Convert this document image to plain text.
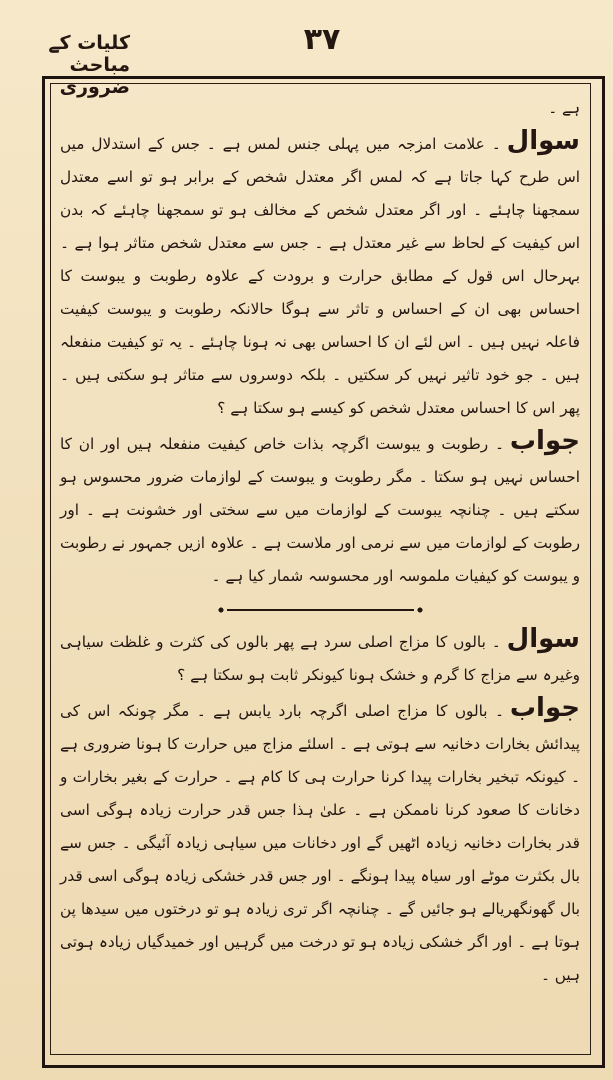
کلیات کے مباحث ضروری
۳۷

ہے ۔

سوال۔ علامت امزجہ میں پہلی جنس لمس ہے ۔ جس کے استدلال میں اس طرح کہا جاتا ہے کہ لمس اگر معتدل شخص کے برابر ہو تو اسے معتدل سمجھنا چاہئے ۔ اور اگر معتدل شخص کے مخالف ہو تو سمجھنا چاہئے کہ بدن اس کیفیت کے لحاظ سے غیر معتدل ہے ۔ جس سے معتدل شخص متاثر ہوا ہے ۔ بہرحال اس قول کے مطابق حرارت و برودت کے علاوہ رطوبت و یبوست کا احساس بھی ان کے احساس و تاثر سے ہوگا حالانکہ رطوبت و یبوست کیفیت فاعلہ نہیں ہیں ۔ اس لئے ان کا احساس بھی نہ ہونا چاہئے ۔ یہ تو کیفیت منفعلہ ہیں ۔ جو خود تاثیر نہیں کر سکتیں ۔ بلکہ دوسروں سے متاثر ہو سکتی ہیں ۔ پھر اس کا احساس معتدل شخص کو کیسے ہو سکتا ہے ؟

جواب۔ رطوبت و یبوست اگرچہ بذات خاص کیفیت منفعلہ ہیں اور ان کا احساس نہیں ہو سکتا ۔ مگر رطوبت و یبوست کے لوازمات ضرور محسوس ہو سکتے ہیں ۔ چنانچہ یبوست کے لوازمات میں سے سختی اور خشونت ہے ۔ اور رطوبت کے لوازمات میں سے نرمی اور ملاست ہے ۔ علاوہ ازیں جمہور نے رطوبت و یبوست کو کیفیات ملموسہ اور محسوسہ شمار کیا ہے ۔

سوال۔ بالوں کا مزاج اصلی سرد ہے پھر بالوں کی کثرت و غلظت سیاہی وغیرہ سے مزاج کا گرم و خشک ہونا کیونکر ثابت ہو سکتا ہے ؟

جواب۔ بالوں کا مزاج اصلی اگرچہ بارد یابس ہے ۔ مگر چونکہ اس کی پیدائش بخارات دخانیہ سے ہوتی ہے ۔ اسلئے مزاج میں حرارت کا ہونا ضروری ہے ۔ کیونکہ تبخیر بخارات پیدا کرنا حرارت ہی کا کام ہے ۔ حرارت کے بغیر بخارات و دخانات کا صعود کرنا ناممکن ہے ۔ علیٰ ہذا جس قدر حرارت زیادہ ہوگی اسی قدر بخارات دخانیہ زیادہ اٹھیں گے اور دخانات میں سیاہی زیادہ آئیگی ۔ جس سے بال بکثرت موٹے اور سیاہ پیدا ہونگے ۔ اور جس قدر خشکی زیادہ ہوگی اسی قدر بال گھونگھریالے ہو جائیں گے ۔ چنانچہ اگر تری زیادہ ہو تو درختوں میں سیدھا پن ہوتا ہے ۔ اور اگر خشکی زیادہ ہو تو درخت میں گرہیں اور خمیدگیاں زیادہ ہوتی ہیں ۔
